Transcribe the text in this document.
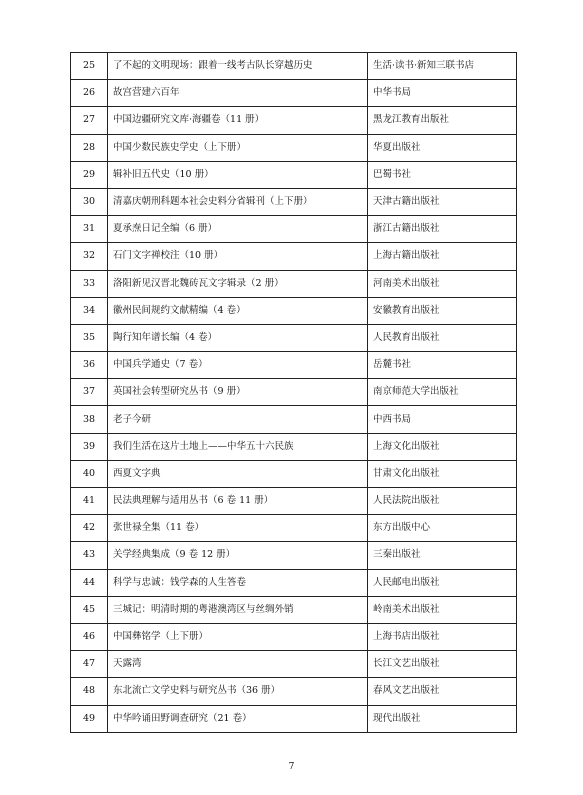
25	了不起的文明现场：跟着一线考古队长穿越历史	生活·读书·新知三联书店
26	故宫营建六百年	中华书局
27	中国边疆研究文库·海疆卷（11 册）	黑龙江教育出版社
28	中国少数民族史学史（上下册）	华夏出版社
29	辑补旧五代史（10 册）	巴蜀书社
30	清嘉庆朝刑科题本社会史料分省辑刊（上下册）	天津古籍出版社
31	夏承焘日记全编（6 册）	浙江古籍出版社
32	石门文字禅校注（10 册）	上海古籍出版社
33	洛阳新见汉晋北魏砖瓦文字辑录（2 册）	河南美术出版社
34	徽州民间规约文献精编（4 卷）	安徽教育出版社
35	陶行知年谱长编（4 卷）	人民教育出版社
36	中国兵学通史（7 卷）	岳麓书社
37	英国社会转型研究丛书（9 册）	南京师范大学出版社
38	老子今研	中西书局
39	我们生活在这片土地上——中华五十六民族	上海文化出版社
40	西夏文字典	甘肃文化出版社
41	民法典理解与适用丛书（6 卷 11 册）	人民法院出版社
42	张世禄全集（11 卷）	东方出版中心
43	关学经典集成（9 卷 12 册）	三秦出版社
44	科学与忠诚：钱学森的人生答卷	人民邮电出版社
45	三城记：明清时期的粤港澳湾区与丝绸外销	岭南美术出版社
46	中国彝铭学（上下册）	上海书店出版社
47	天露湾	长江文艺出版社
48	东北流亡文学史料与研究丛书（36 册）	春风文艺出版社
49	中华吟诵田野调查研究（21 卷）	现代出版社
7
